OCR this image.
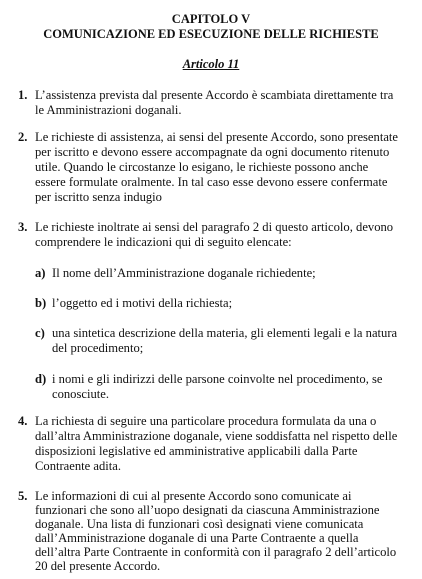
CAPITOLO V
COMUNICAZIONE ED ESECUZIONE DELLE RICHIESTE
Articolo 11
1. L’assistenza prevista dal presente Accordo è scambiata direttamente tra
le Amministrazioni doganali.
2. Le richieste di assistenza, ai sensi del presente Accordo, sono presentate
per iscritto e devono essere accompagnate da ogni documento ritenuto
utile. Quando le circostanze lo esigano, le richieste possono anche
essere formulate oralmente. In tal caso esse devono essere confermate
per iscritto senza indugio
3. Le richieste inoltrate ai sensi del paragrafo 2 di questo articolo, devono
comprendere le indicazioni qui di seguito elencate:
a) Il nome dell’Amministrazione doganale richiedente;
b) l’oggetto ed i motivi della richiesta;
c) una sintetica descrizione della materia, gli elementi legali e la natura
del procedimento;
d) i nomi e gli indirizzi delle parsone coinvolte nel procedimento, se
conosciute.
4. La richiesta di seguire una particolare procedura formulata da una o
dall’altra Amministrazione doganale, viene soddisfatta nel rispetto delle
disposizioni legislative ed amministrative applicabili dalla Parte
Contraente adita.
5. Le informazioni di cui al presente Accordo sono comunicate ai
funzionari che sono all’uopo designati da ciascuna Amministrazione
doganale. Una lista di funzionari così designati viene comunicata
dall’Amministrazione doganale di una Parte Contraente a quella
dell’altra Parte Contraente in conformità con il paragrafo 2 dell’articolo
20 del presente Accordo.
